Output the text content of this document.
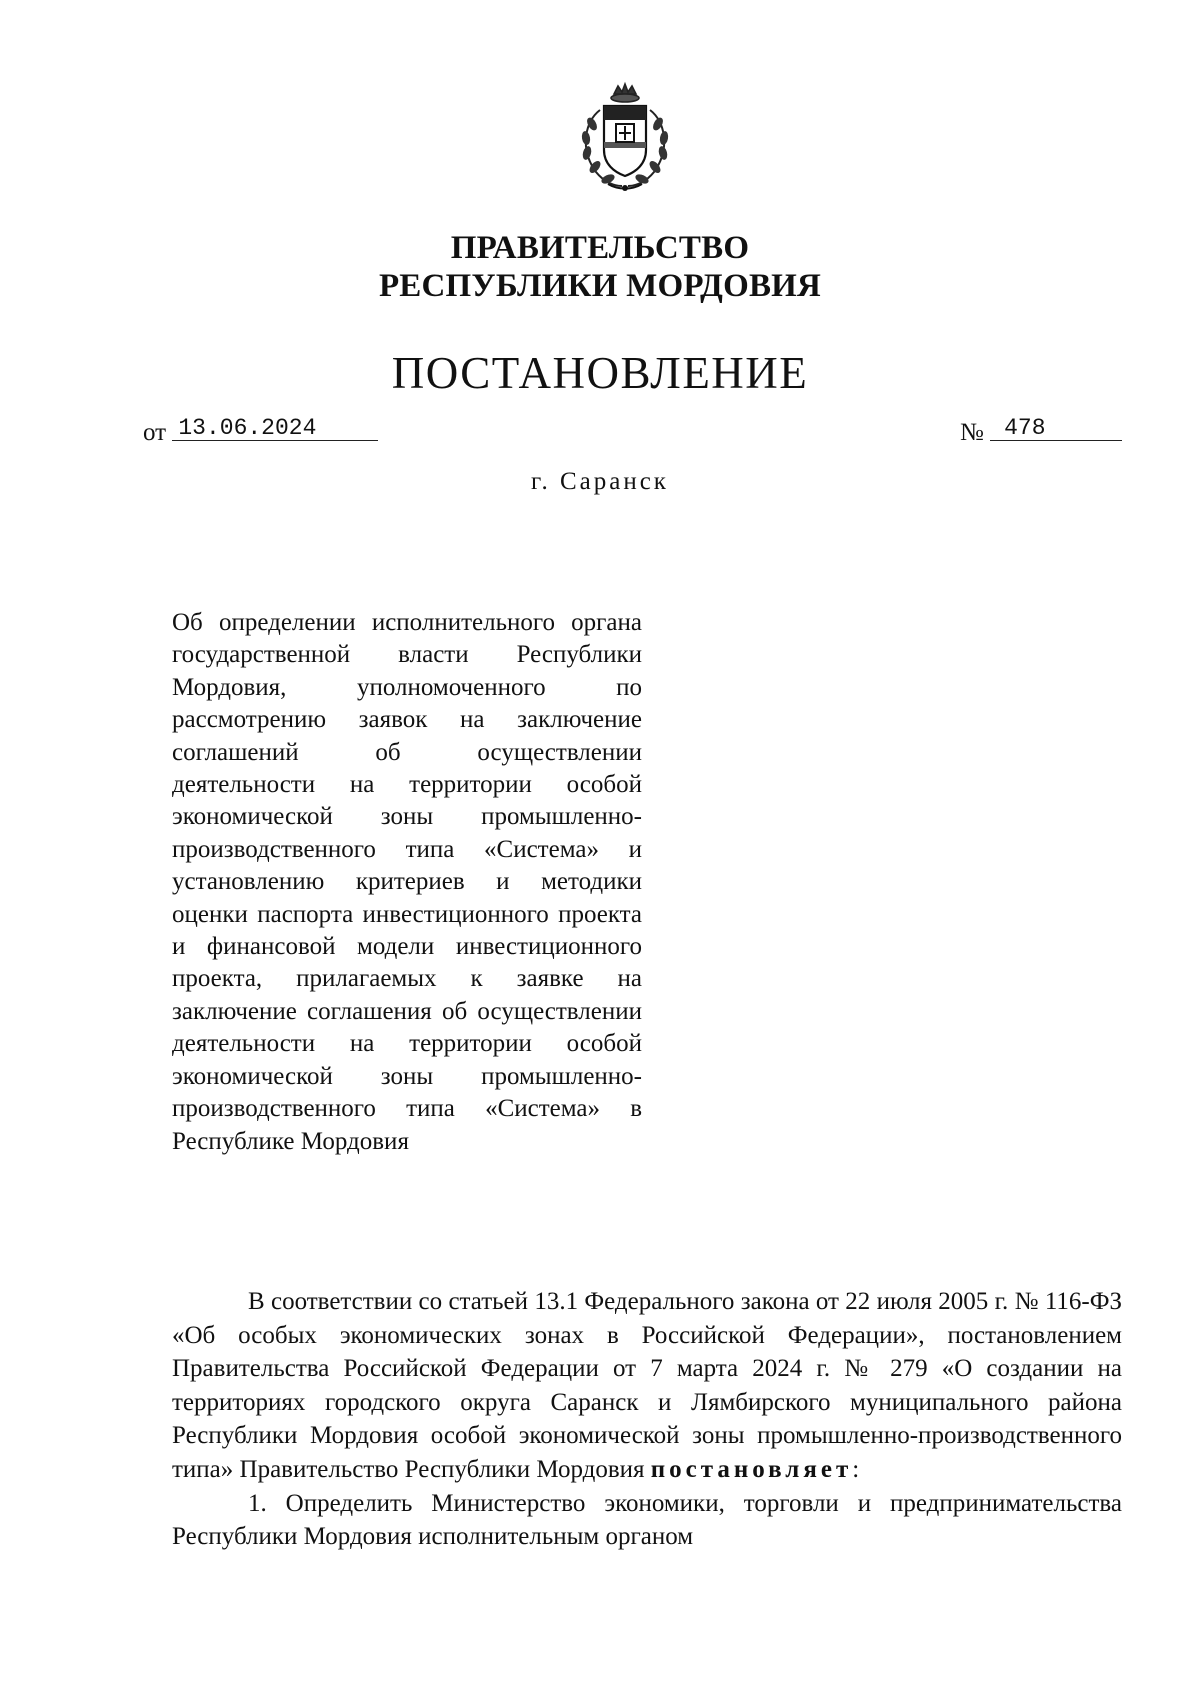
ПРАВИТЕЛЬСТВО
РЕСПУБЛИКИ МОРДОВИЯ
ПОСТАНОВЛЕНИЕ
от 13.06.2024	№ 478
г. Саранск
Об определении исполнительного органа государственной власти Республики Мордовия, уполномоченного по рассмотрению заявок на заключение соглашений об осуществлении деятельности на территории особой экономической зоны промышленно-производственного типа «Система» и установлению критериев и методики оценки паспорта инвестиционного проекта и финансовой модели инвестиционного проекта, прилагаемых к заявке на заключение соглашения об осуществлении деятельности на территории особой экономической зоны промышленно-производственного типа «Система» в Республике Мордовия

В соответствии со статьей 13.1 Федерального закона от 22 июля 2005 г. № 116-ФЗ «Об особых экономических зонах в Российской Федерации», постановлением Правительства Российской Федерации от 7 марта 2024 г. № 279 «О создании на территориях городского округа Саранск и Лямбирского муниципального района Республики Мордовия особой экономической зоны промышленно-производственного типа» Правительство Республики Мордовия постановляет:

1. Определить Министерство экономики, торговли и предпринимательства Республики Мордовия исполнительным органом
